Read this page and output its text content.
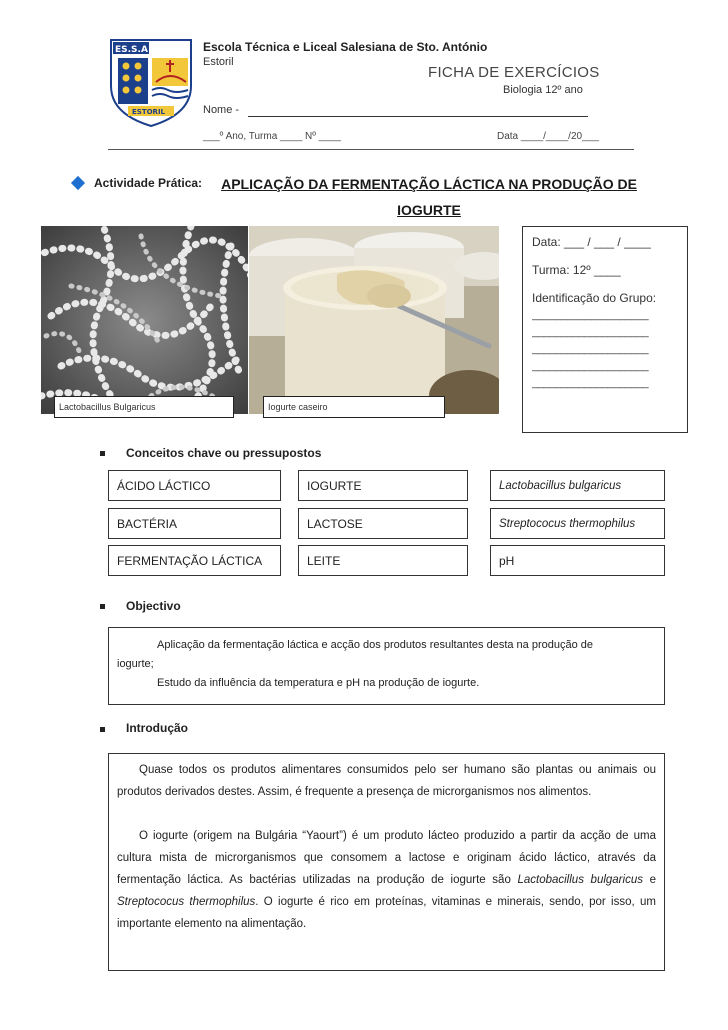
ES.S.A
ESTORIL
Escola Técnica e Liceal Salesiana de Sto. António
Estoril
FICHA DE EXERCÍCIOS
Biologia 12º ano
Nome -
___º Ano, Turma ____ Nº ____	Data ____/____/20___
Actividade Prática:	APLICAÇÃO DA FERMENTAÇÃO LÁCTICA NA PRODUÇÃO DE
IOGURTE
Lactobacillus Bulgaricus	Iogurte caseiro
Data: ___ / ___ / ____
Turma: 12º ____
Identificação do Grupo:
____________________
____________________
____________________
____________________
____________________
Conceitos chave ou pressupostos
ÁCIDO LÁCTICO	IOGURTE	Lactobacillus bulgaricus
BACTÉRIA	LACTOSE	Streptococus thermophilus
FERMENTAÇÃO LÁCTICA	LEITE	pH
Objectivo

Aplicação da fermentação láctica e acção dos produtos resultantes desta na produção de

iogurte;

Estudo da influência da temperatura e pH na produção de iogurte.

Introdução

Quase todos os produtos alimentares consumidos pelo ser humano são plantas ou animais ou produtos derivados destes. Assim, é frequente a presença de microrganismos nos alimentos.

O iogurte (origem na Bulgária “Yaourt”) é um produto lácteo produzido a partir da acção de uma cultura mista de microrganismos que consomem a lactose e originam ácido láctico, através da fermentação láctica. As bactérias utilizadas na produção de iogurte são Lactobacillus bulgaricus e Streptococus thermophilus. O iogurte é rico em proteínas, vitaminas e minerais, sendo, por isso, um importante elemento na alimentação.
